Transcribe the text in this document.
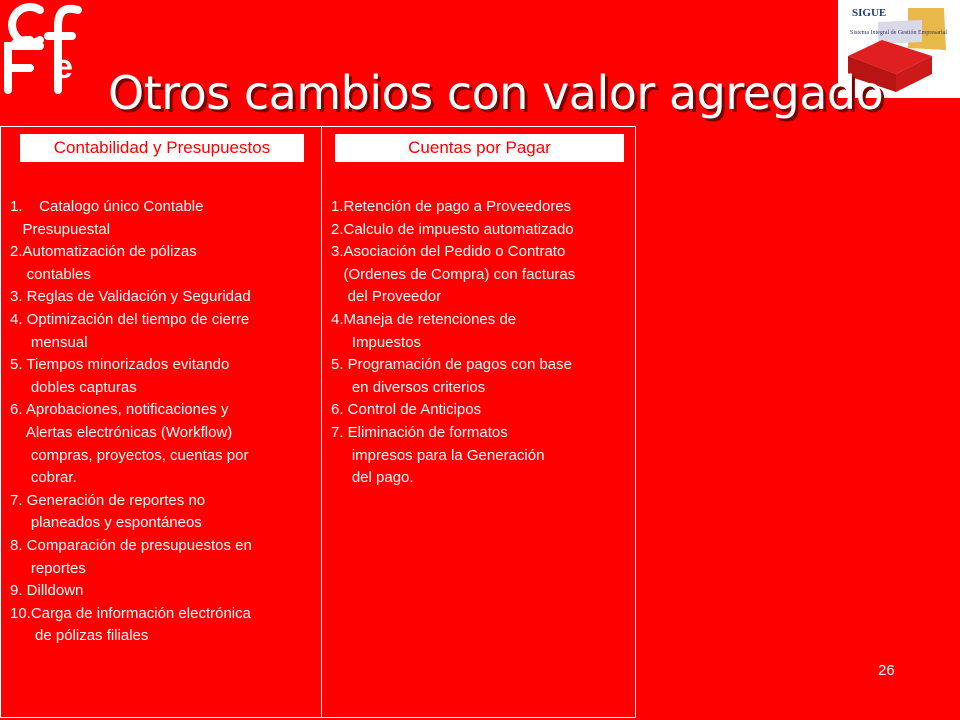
e
SIGUE
Sistema Integral de Gestión Empresarial
Otros cambios con valor agregado
Contabilidad y Presupuestos	Cuentas por Pagar
1.    Catalogo único Contable
Presupuestal
2.Automatización de pólizas
contables
3. Reglas de Validación y Seguridad
4. Optimización del tiempo de cierre
mensual
5. Tiempos minorizados evitando
dobles capturas
6. Aprobaciones, notificaciones y
Alertas electrónicas (Workflow)
compras, proyectos, cuentas por
cobrar.
7. Generación de reportes no
planeados y espontáneos
8. Comparación de presupuestos en
reportes
9. Dilldown
10.Carga de información electrónica
de pólizas filiales
1.Retención de pago a Proveedores
2.Calculo de impuesto automatizado
3.Asociación del Pedido o Contrato
(Ordenes de Compra) con facturas
del Proveedor
4.Maneja de retenciones de
Impuestos
5. Programación de pagos con base
en diversos criterios
6. Control de Anticipos
7. Eliminación de formatos
impresos para la Generación
del pago.
26
